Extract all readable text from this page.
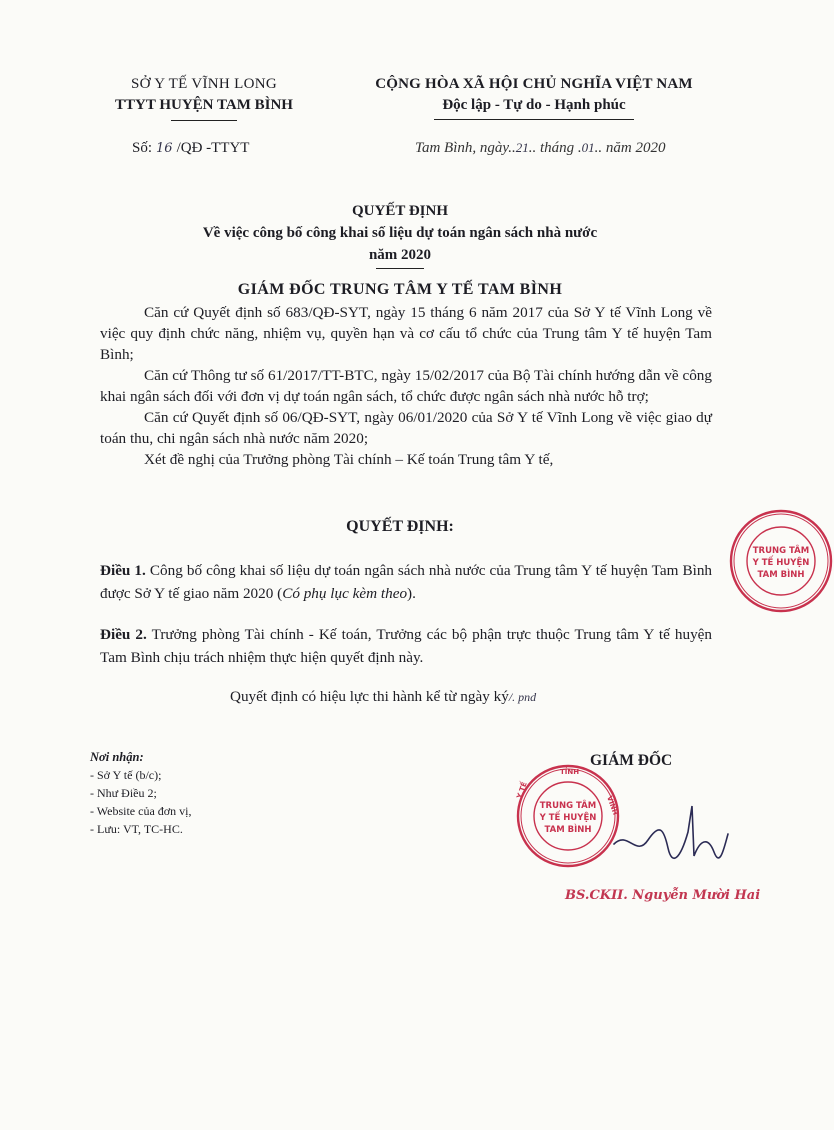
SỞ Y TẾ VĨNH LONG
TTYT HUYỆN TAM BÌNH
CỘNG HÒA XÃ HỘI CHỦ NGHĨA VIỆT NAM
Độc lập - Tự do - Hạnh phúc
Số: 16 /QĐ -TTYT	Tam Bình, ngày..21.. tháng .01.. năm 2020
QUYẾT ĐỊNH
Về việc công bố công khai số liệu dự toán ngân sách nhà nước
năm 2020
GIÁM ĐỐC TRUNG TÂM Y TẾ TAM BÌNH

Căn cứ Quyết định số 683/QĐ-SYT, ngày 15 tháng 6 năm 2017 của Sở Y tế Vĩnh Long về việc quy định chức năng, nhiệm vụ, quyền hạn và cơ cấu tổ chức của Trung tâm Y tế huyện Tam Bình;

Căn cứ Thông tư số 61/2017/TT-BTC, ngày 15/02/2017 của Bộ Tài chính hướng dẫn về công khai ngân sách đối với đơn vị dự toán ngân sách, tổ chức được ngân sách nhà nước hỗ trợ;

Căn cứ Quyết định số 06/QĐ-SYT, ngày 06/01/2020 của Sở Y tế Vĩnh Long về việc giao dự toán thu, chi ngân sách nhà nước năm 2020;

Xét đề nghị của Trưởng phòng Tài chính – Kế toán Trung tâm Y tế,

QUYẾT ĐỊNH:
Điều 1. Công bố công khai số liệu dự toán ngân sách nhà nước của Trung tâm Y tế huyện Tam Bình được Sở Y tế giao năm 2020 (Có phụ lục kèm theo).
Điều 2. Trưởng phòng Tài chính - Kế toán, Trưởng các bộ phận trực thuộc Trung tâm Y tế huyện Tam Bình chịu trách nhiệm thực hiện quyết định này.
Quyết định có hiệu lực thi hành kể từ ngày ký/. pnd
Nơi nhận:
- Sở Y tế (b/c);
- Như Điều 2;
- Website của đơn vị,
- Lưu: VT, TC-HC.
GIÁM ĐỐC
TỈNH
VĨNH
Y TẾ
TRUNG TÂM
Y TẾ HUYỆN
TAM BÌNH
TRUNG TÂM
Y TẾ HUYỆN
TAM BÌNH
BS.CKII. Nguyễn Mười Hai
